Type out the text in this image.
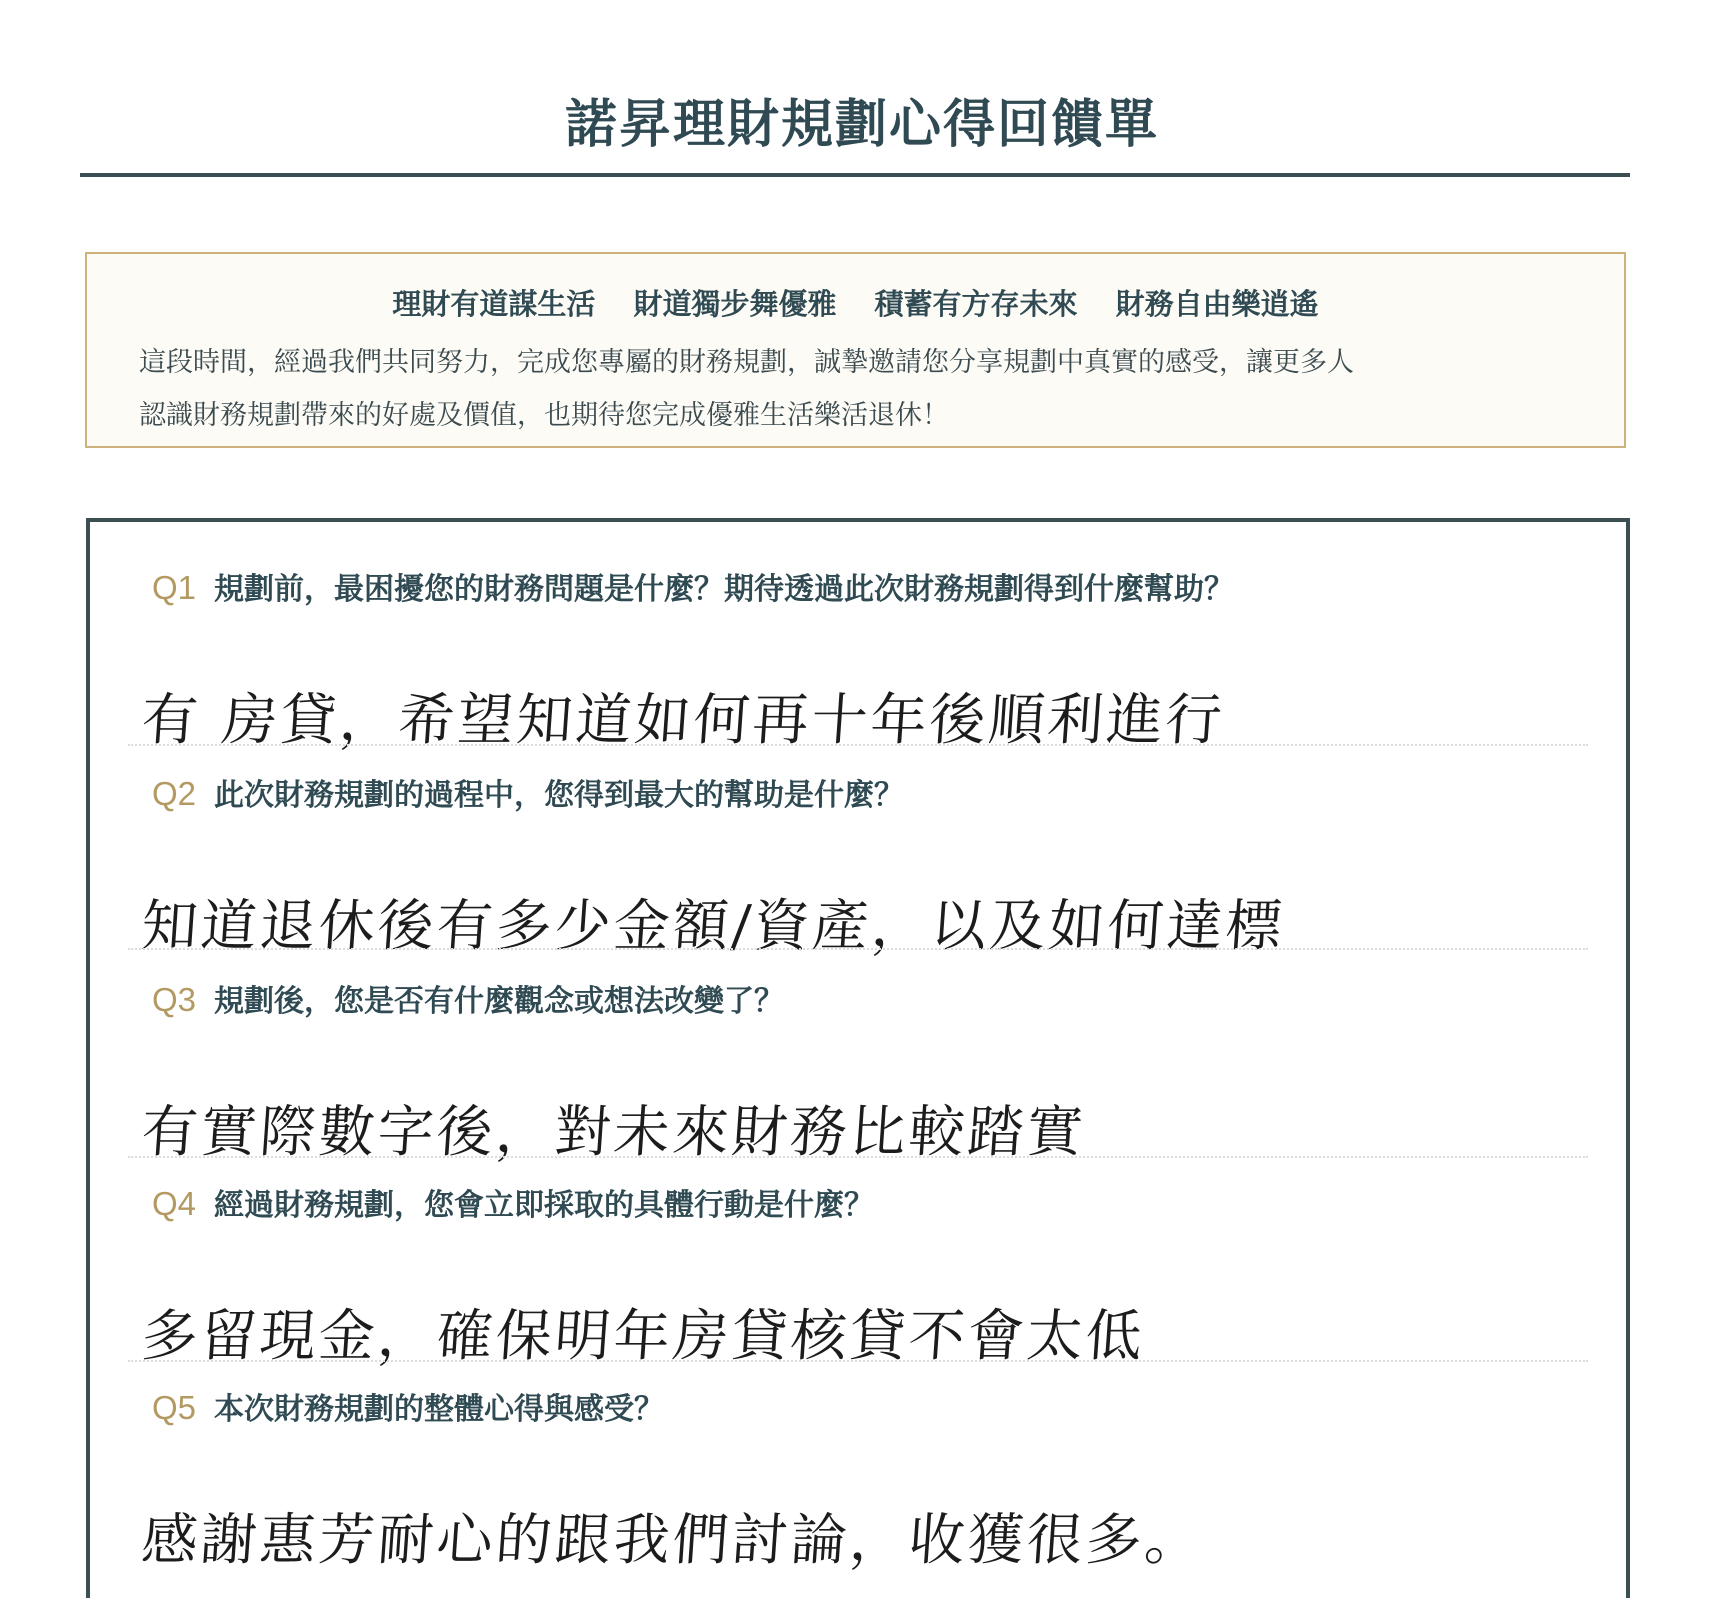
諾昇理財規劃心得回饋單
理財有道謀生活 財道獨步舞優雅 積蓄有方存未來 財務自由樂逍遙
這段時間，經過我們共同努力，完成您專屬的財務規劃，誠摯邀請您分享規劃中真實的感受，讓更多人
認識財務規劃帶來的好處及價值，也期待您完成優雅生活樂活退休！
Q1 規劃前，最困擾您的財務問題是什麼？期待透過此次財務規劃得到什麼幫助？
有 房貸，希望知道如何再十年後順利進行
Q2 此次財務規劃的過程中，您得到最大的幫助是什麼？
知道退休後有多少金額/資產，以及如何達標
Q3 規劃後，您是否有什麼觀念或想法改變了？
有實際數字後，對未來財務比較踏實
Q4 經過財務規劃，您會立即採取的具體行動是什麼？
多留現金，確保明年房貸核貸不會太低
Q5 本次財務規劃的整體心得與感受？
感謝惠芳耐心的跟我們討論，收獲很多。
